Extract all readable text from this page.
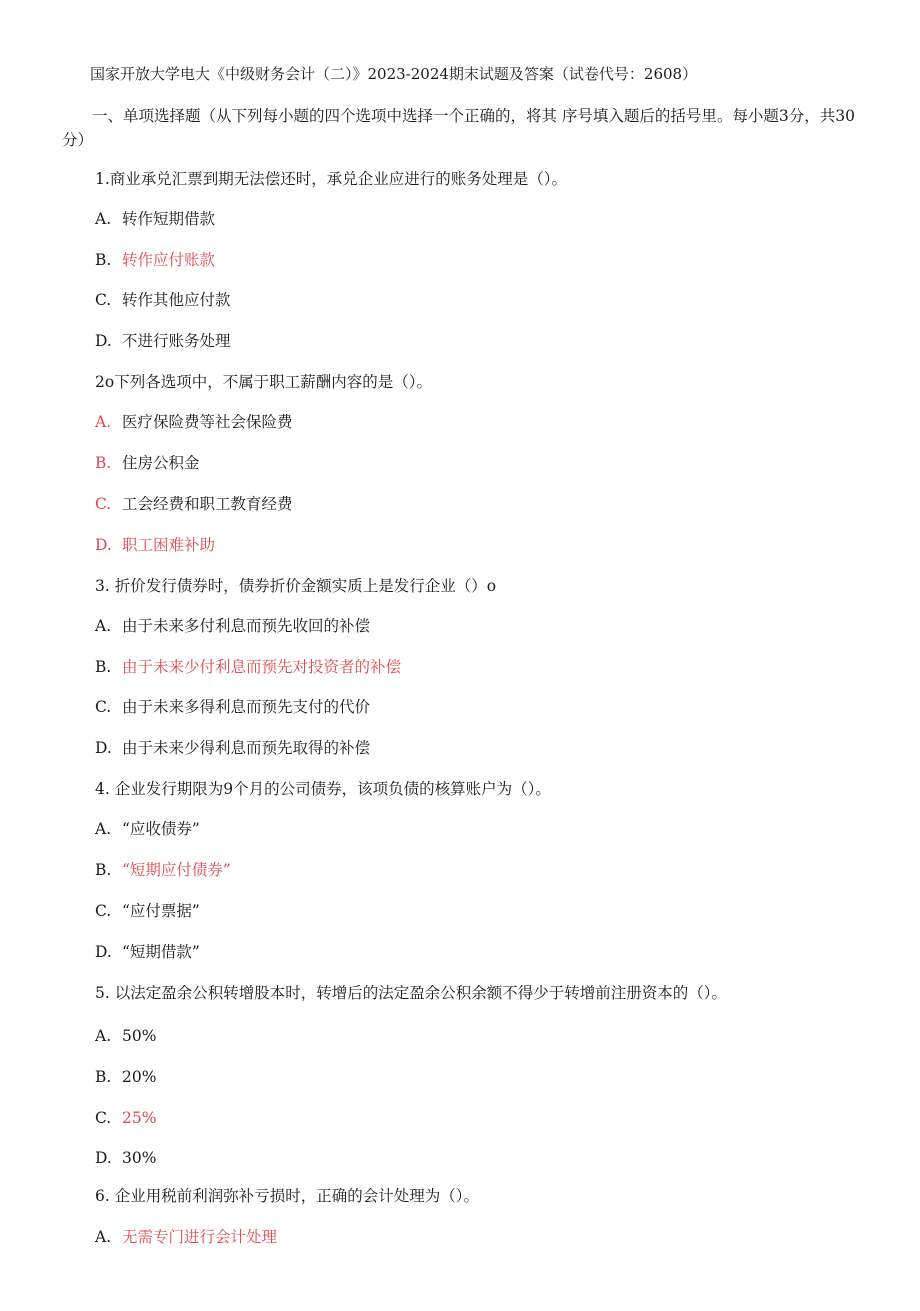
国家开放大学电大《中级财务会计（二）》2023-2024期末试题及答案（试卷代号：2608）
一、单项选择题（从下列每小题的四个选项中选择一个正确的，将其 序号填入题后的括号里。每小题3分，共30分）
1.商业承兑汇票到期无法偿还时，承兑企业应进行的账务处理是（）。
A. 转作短期借款
B. 转作应付账款
C. 转作其他应付款
D. 不进行账务处理
2o下列各选项中，不属于职工薪酬内容的是（）。
A. 医疗保险费等社会保险费
B. 住房公积金
C. 工会经费和职工教育经费
D. 职工困难补助
3. 折价发行债券时，债券折价金额实质上是发行企业（）o
A. 由于未来多付利息而预先收回的补偿
B. 由于未来少付利息而预先对投资者的补偿
C. 由于未来多得利息而预先支付的代价
D. 由于未来少得利息而预先取得的补偿
4. 企业发行期限为9个月的公司债券，该项负债的核算账户为（）。
A. “应收债券”
B. “短期应付债券”
C. “应付票据”
D. “短期借款”
5. 以法定盈余公积转增股本时，转增后的法定盈余公积余额不得少于转增前注册资本的（）。
A. 50%
B. 20%
C. 25%
D. 30%
6. 企业用税前利润弥补亏损时，正确的会计处理为（）。
A. 无需专门进行会计处理
